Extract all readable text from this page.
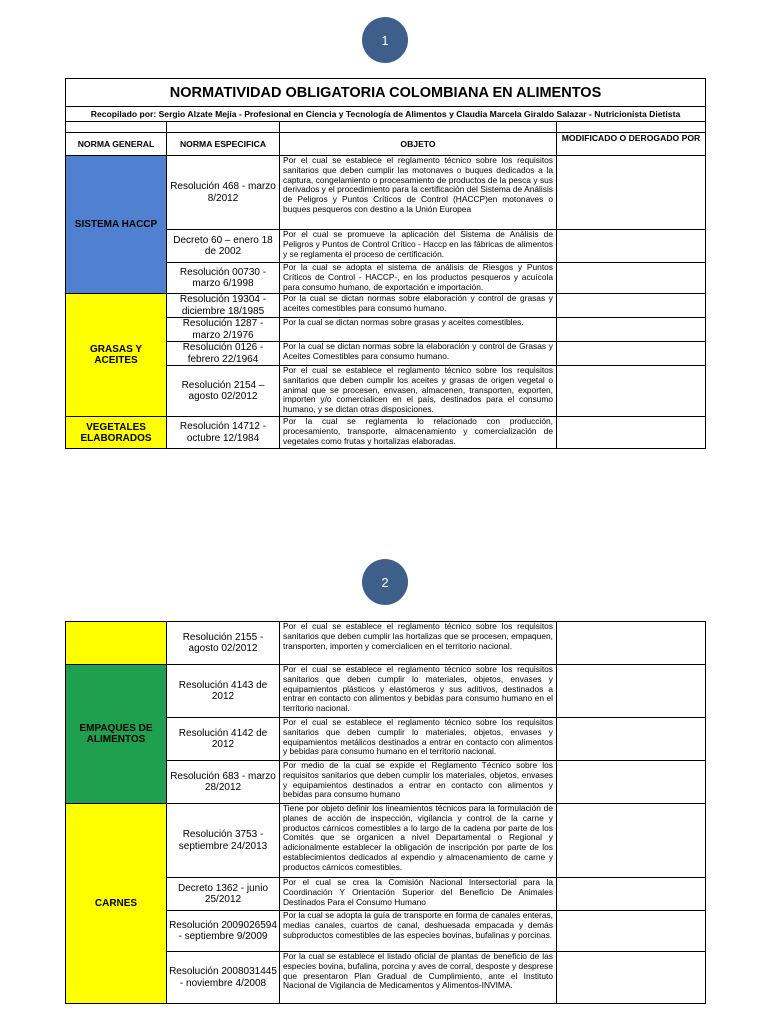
1
2
NORMATIVIDAD OBLIGATORIA COLOMBIANA EN ALIMENTOS			
Recopilado por: Sergio Alzate Mejía - Profesional en Ciencia y Tecnología de Alimentos y Claudia Marcela Giraldo Salazar - Nutricionista Dietista			

NORMA GENERAL	NORMA ESPECIFICA	OBJETO	MODIFICADO O DEROGADO POR
SISTEMA HACCP	Resolución 468 - marzo 8/2012	Por el cual se establece el reglamento técnico sobre los requisitos sanitarios que deben cumplir las motonaves o buques dedicados a la captura, congelamiento o procesamiento de productos de la pesca y sus derivados y el procedimiento para la certificación del Sistema de Análisis de Peligros y Puntos Críticos de Control (HACCP)en motonaves o buques pesqueros con destino a la Unión Europea	
	Decreto 60 – enero 18 de 2002	Por el cual se promueve la aplicación del Sistema de Análisis de Peligros y Puntos de Control Crítico - Haccp en las fábricas de alimentos y se reglamenta el proceso de certificación.	
	Resolución 00730 - marzo 6/1998	Por la cual se adopta el sistema de análisis de Riesgos y Puntos Críticos de Control - HACCP-, en los productos pesqueros y acuícola para consumo humano, de exportación e importación.	
GRASAS Y ACEITES	Resolución 19304 - diciembre 18/1985	Por la cual se dictan normas sobre elaboración y control de grasas y aceites comestibles para consumo humano.	
	Resolución 1287 - marzo 2/1976	Por la cual se dictan normas sobre grasas y aceites comestibles.	
	Resolución 0126 - febrero 22/1964	Por la cual se dictan normas sobre la elaboración y control de Grasas y Aceites Comestibles para consumo humano.	
	Resolución 2154 – agosto 02/2012	Por el cual se establece el reglamento técnico sobre los requisitos sanitarios que deben cumplir los aceites y grasas de origen vegetal o animal que se procesen, envasen, almacenen, transporten, exporten, importen y/o comercialicen en el país, destinados para el consumo humano, y se dictan otras disposiciones.	
VEGETALES ELABORADOS	Resolución 14712 - octubre 12/1984	Por la cual se reglamenta lo relacionado con producción, procesamiento, transporte, almacenamiento y comercialización de vegetales como frutas y hortalizas elaboradas.	
	Resolución 2155 - agosto 02/2012	Por el cual se establece el reglamento técnico sobre los requisitos sanitarios que deben cumplir las hortalizas que se procesen, empaquen, transporten, importen y comercialicen en el territorio nacional.	
EMPAQUES DE ALIMENTOS	Resolución 4143 de 2012	Por el cual se establece el reglamento técnico sobre los requisitos sanitarios que deben cumplir lo materiales, objetos, envases y equipamientos plásticos y elastómeros y sus aditivos, destinados a entrar en contacto con alimentos y bebidas para consumo humano en el territorio nacional.	
	Resolución 4142 de 2012	Por el cual se establece el reglamento técnico sobre los requisitos sanitarios que deben cumplir lo materiales, objetos, envases y equipamientos metálicos destinados a entrar en contacto con alimentos y bebidas para consumo humano en el territorio nacional.	
	Resolución 683 - marzo 28/2012	Por medio de la cual se expide el Reglamento Técnico sobre los requisitos sanitarios que deben cumplir los materiales, objetos, envases y equipamientos destinados a entrar en contacto con alimentos y bebidas para consumo humano	
CARNES	Resolución 3753 - septiembre 24/2013	Tiene por objeto definir los lineamientos técnicos para la formulación de planes de acción de inspección, vigilancia y control de la carne y productos cárnicos comestibles a lo largo de la cadena por parte de los Comités que se organicen a nivel Departamental o Regional y adicionalmente establecer la obligación de inscripción por parte de los establecimientos dedicados al expendio y almacenamiento de carne y productos cárnicos comestibles.	
	Decreto 1362 - junio 25/2012	Por el cual se crea la Comisión Nacional Intersectorial para la Coordinación Y Orientación Superior del Beneficio De Animales Destinados Para el Consumo Humano	
	Resolución 2009026594 - septiembre 9/2009	Por la cual se adopta la guía de transporte en forma de canales enteras, medias canales, cuartos de canal, deshuesada empacada y demás subproductos comestibles de las especies bovinas, bufalinas y porcinas.	
	Resolución 2008031445 - noviembre 4/2008	Por la cual se establece el listado oficial de plantas de beneficio de las especies bovina, bufalina, porcina y aves de corral, desposte y desprese que presentaron Plan Gradual de Cumplimiento, ante el Instituto Nacional de Vigilancia de Medicamentos y Alimentos-INVIMA.	
